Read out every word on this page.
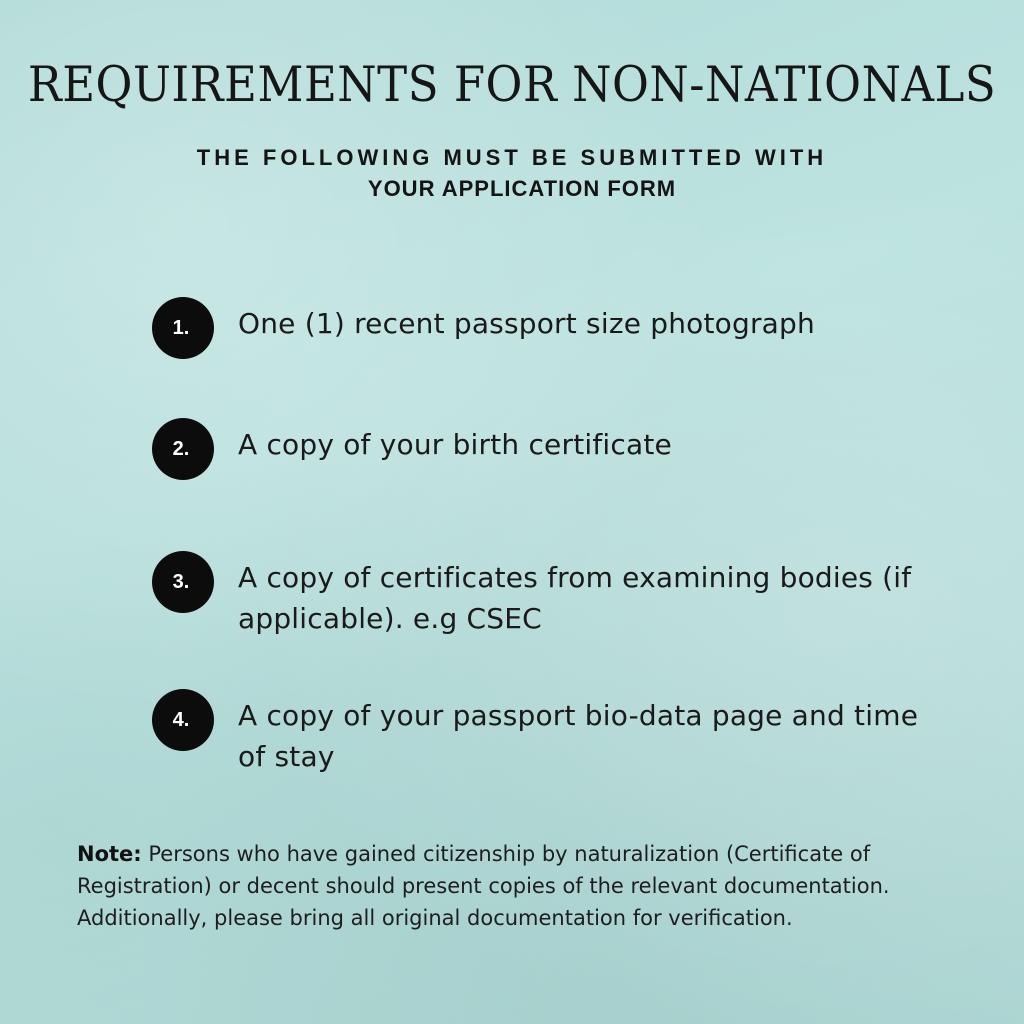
REQUIREMENTS FOR NON-NATIONALS
THE FOLLOWING MUST BE SUBMITTED WITH
YOUR APPLICATION FORM
1.	One (1) recent passport size photograph
2.	A copy of your birth certificate
3.	A copy of certificates from examining bodies (if applicable). e.g CSEC
4.	A copy of your passport bio-data page and time of stay
Note: Persons who have gained citizenship by naturalization (Certificate of Registration) or decent should present copies of the relevant documentation. Additionally, please bring all original documentation for verification.
